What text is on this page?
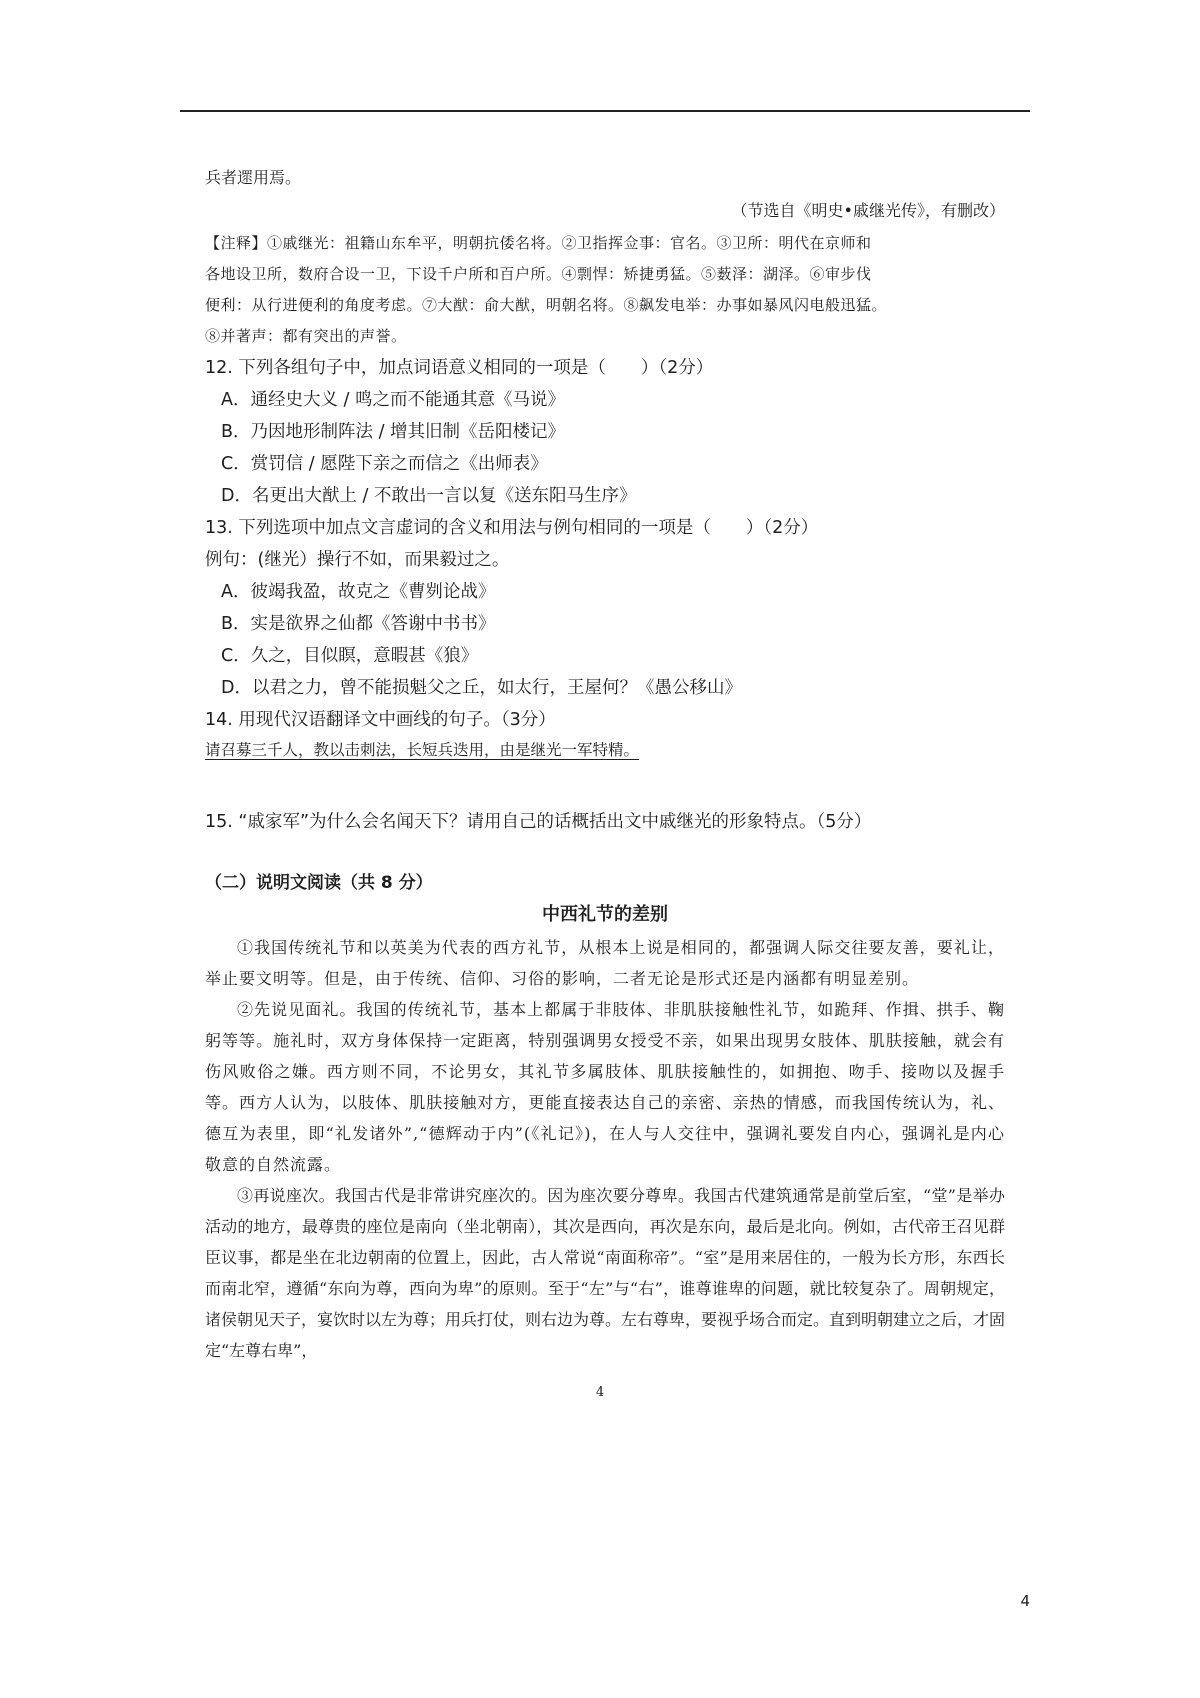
兵者遝用焉。
（节选自《明史•戚继光传》，有删改）
【注释】①戚继光：祖籍山东牟平，明朝抗倭名将。②卫指挥佥事：官名。③卫所：明代在京师和
各地设卫所，数府合设一卫，下设千户所和百户所。④剽悍：矫捷勇猛。⑤薮泽：湖泽。⑥审步伐
便利：从行进便利的角度考虑。⑦大猷：俞大猷，明朝名将。⑧飙发电举：办事如暴风闪电般迅猛。
⑧并著声：都有突出的声誉。
12. 下列各组句子中，加点词语意义相同的一项是（　　）（2分）
A．通经史大义 / 鸣之而不能通其意《马说》
B．乃因地形制阵法 / 增其旧制《岳阳楼记》
C．赏罚信 / 愿陛下亲之而信之《出师表》
D．名更出大猷上 / 不敢出一言以复《送东阳马生序》
13. 下列选项中加点文言虚词的含义和用法与例句相同的一项是（　　）（2分）
例句：(继光）操行不如，而果毅过之。
A．彼竭我盈，故克之《曹刿论战》
B．实是欲界之仙都《答谢中书书》
C．久之，目似瞑，意暇甚《狼》
D．以君之力，曾不能损魁父之丘，如太行，王屋何？《愚公移山》
14. 用现代汉语翻译文中画线的句子。（3分）
请召募三千人，教以击刺法，长短兵迭用，由是继光一军特精。
15. “戚家军”为什么会名闻天下？请用自己的话概括出文中戚继光的形象特点。（5分）
（二）说明文阅读（共 8 分）
中西礼节的差别

①我国传统礼节和以英美为代表的西方礼节，从根本上说是相同的，都强调人际交往要友善，要礼让，举止要文明等。但是，由于传统、信仰、习俗的影响，二者无论是形式还是内涵都有明显差别。

②先说见面礼。我国的传统礼节，基本上都属于非肢体、非肌肤接触性礼节，如跪拜、作揖、拱手、鞠躬等等。施礼时，双方身体保持一定距离，特别强调男女授受不亲，如果出现男女肢体、肌肤接触，就会有伤风败俗之嫌。西方则不同，不论男女，其礼节多属肢体、肌肤接触性的，如拥抱、吻手、接吻以及握手等。西方人认为，以肢体、肌肤接触对方，更能直接表达自己的亲密、亲热的情感，而我国传统认为，礼、德互为表里，即“礼发诸外”,“德辉动于内”(《礼记》)，在人与人交往中，强调礼要发自内心，强调礼是内心敬意的自然流露。

③再说座次。我国古代是非常讲究座次的。因为座次要分尊卑。我国古代建筑通常是前堂后室，“堂”是举办活动的地方，最尊贵的座位是南向（坐北朝南），其次是西向，再次是东向，最后是北向。例如，古代帝王召见群臣议事，都是坐在北边朝南的位置上，因此，古人常说“南面称帝”。“室”是用来居住的，一般为长方形，东西长而南北窄，遵循“东向为尊，西向为卑”的原则。至于“左”与“右”，谁尊谁卑的问题，就比较复杂了。周朝规定，诸侯朝见天子，宴饮时以左为尊；用兵打仗，则右边为尊。左右尊卑，要视乎场合而定。直到明朝建立之后，才固定“左尊右卑”，

4
4
